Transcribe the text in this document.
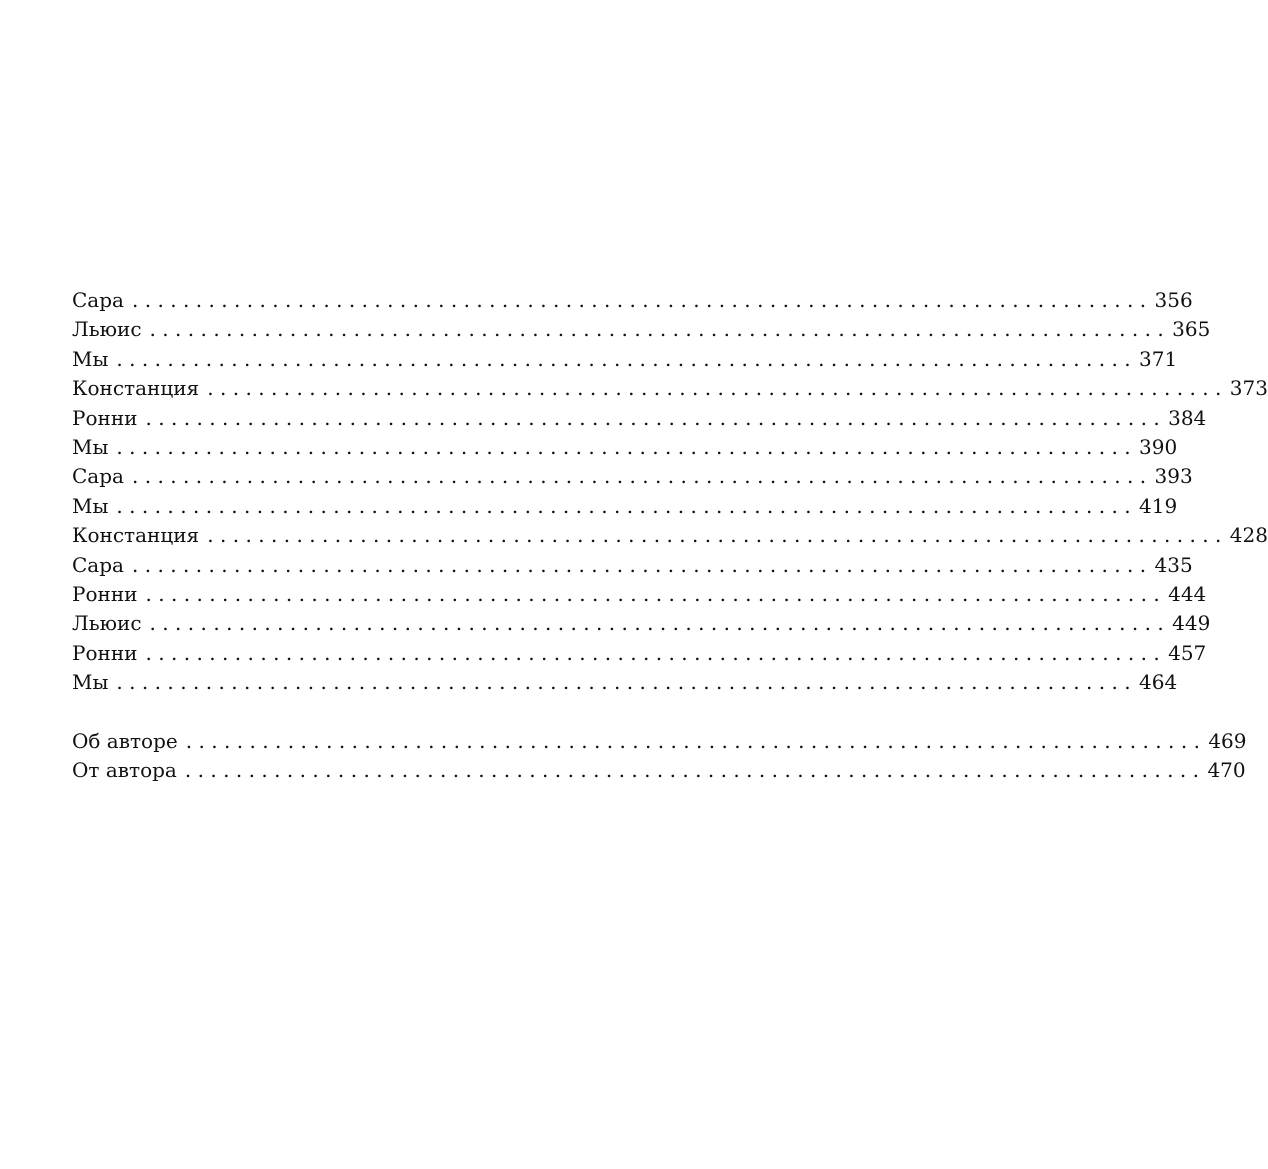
Сара ................................................................................ 356
Льюис ................................................................................ 365
Мы ................................................................................ 371
Констанция ................................................................................ 373
Ронни ................................................................................ 384
Мы ................................................................................ 390
Сара ................................................................................ 393
Мы ................................................................................ 419
Констанция ................................................................................ 428
Сара ................................................................................ 435
Ронни ................................................................................ 444
Льюис ................................................................................ 449
Ронни ................................................................................ 457
Мы ................................................................................ 464
Об авторе ................................................................................ 469
От автора ................................................................................ 470
